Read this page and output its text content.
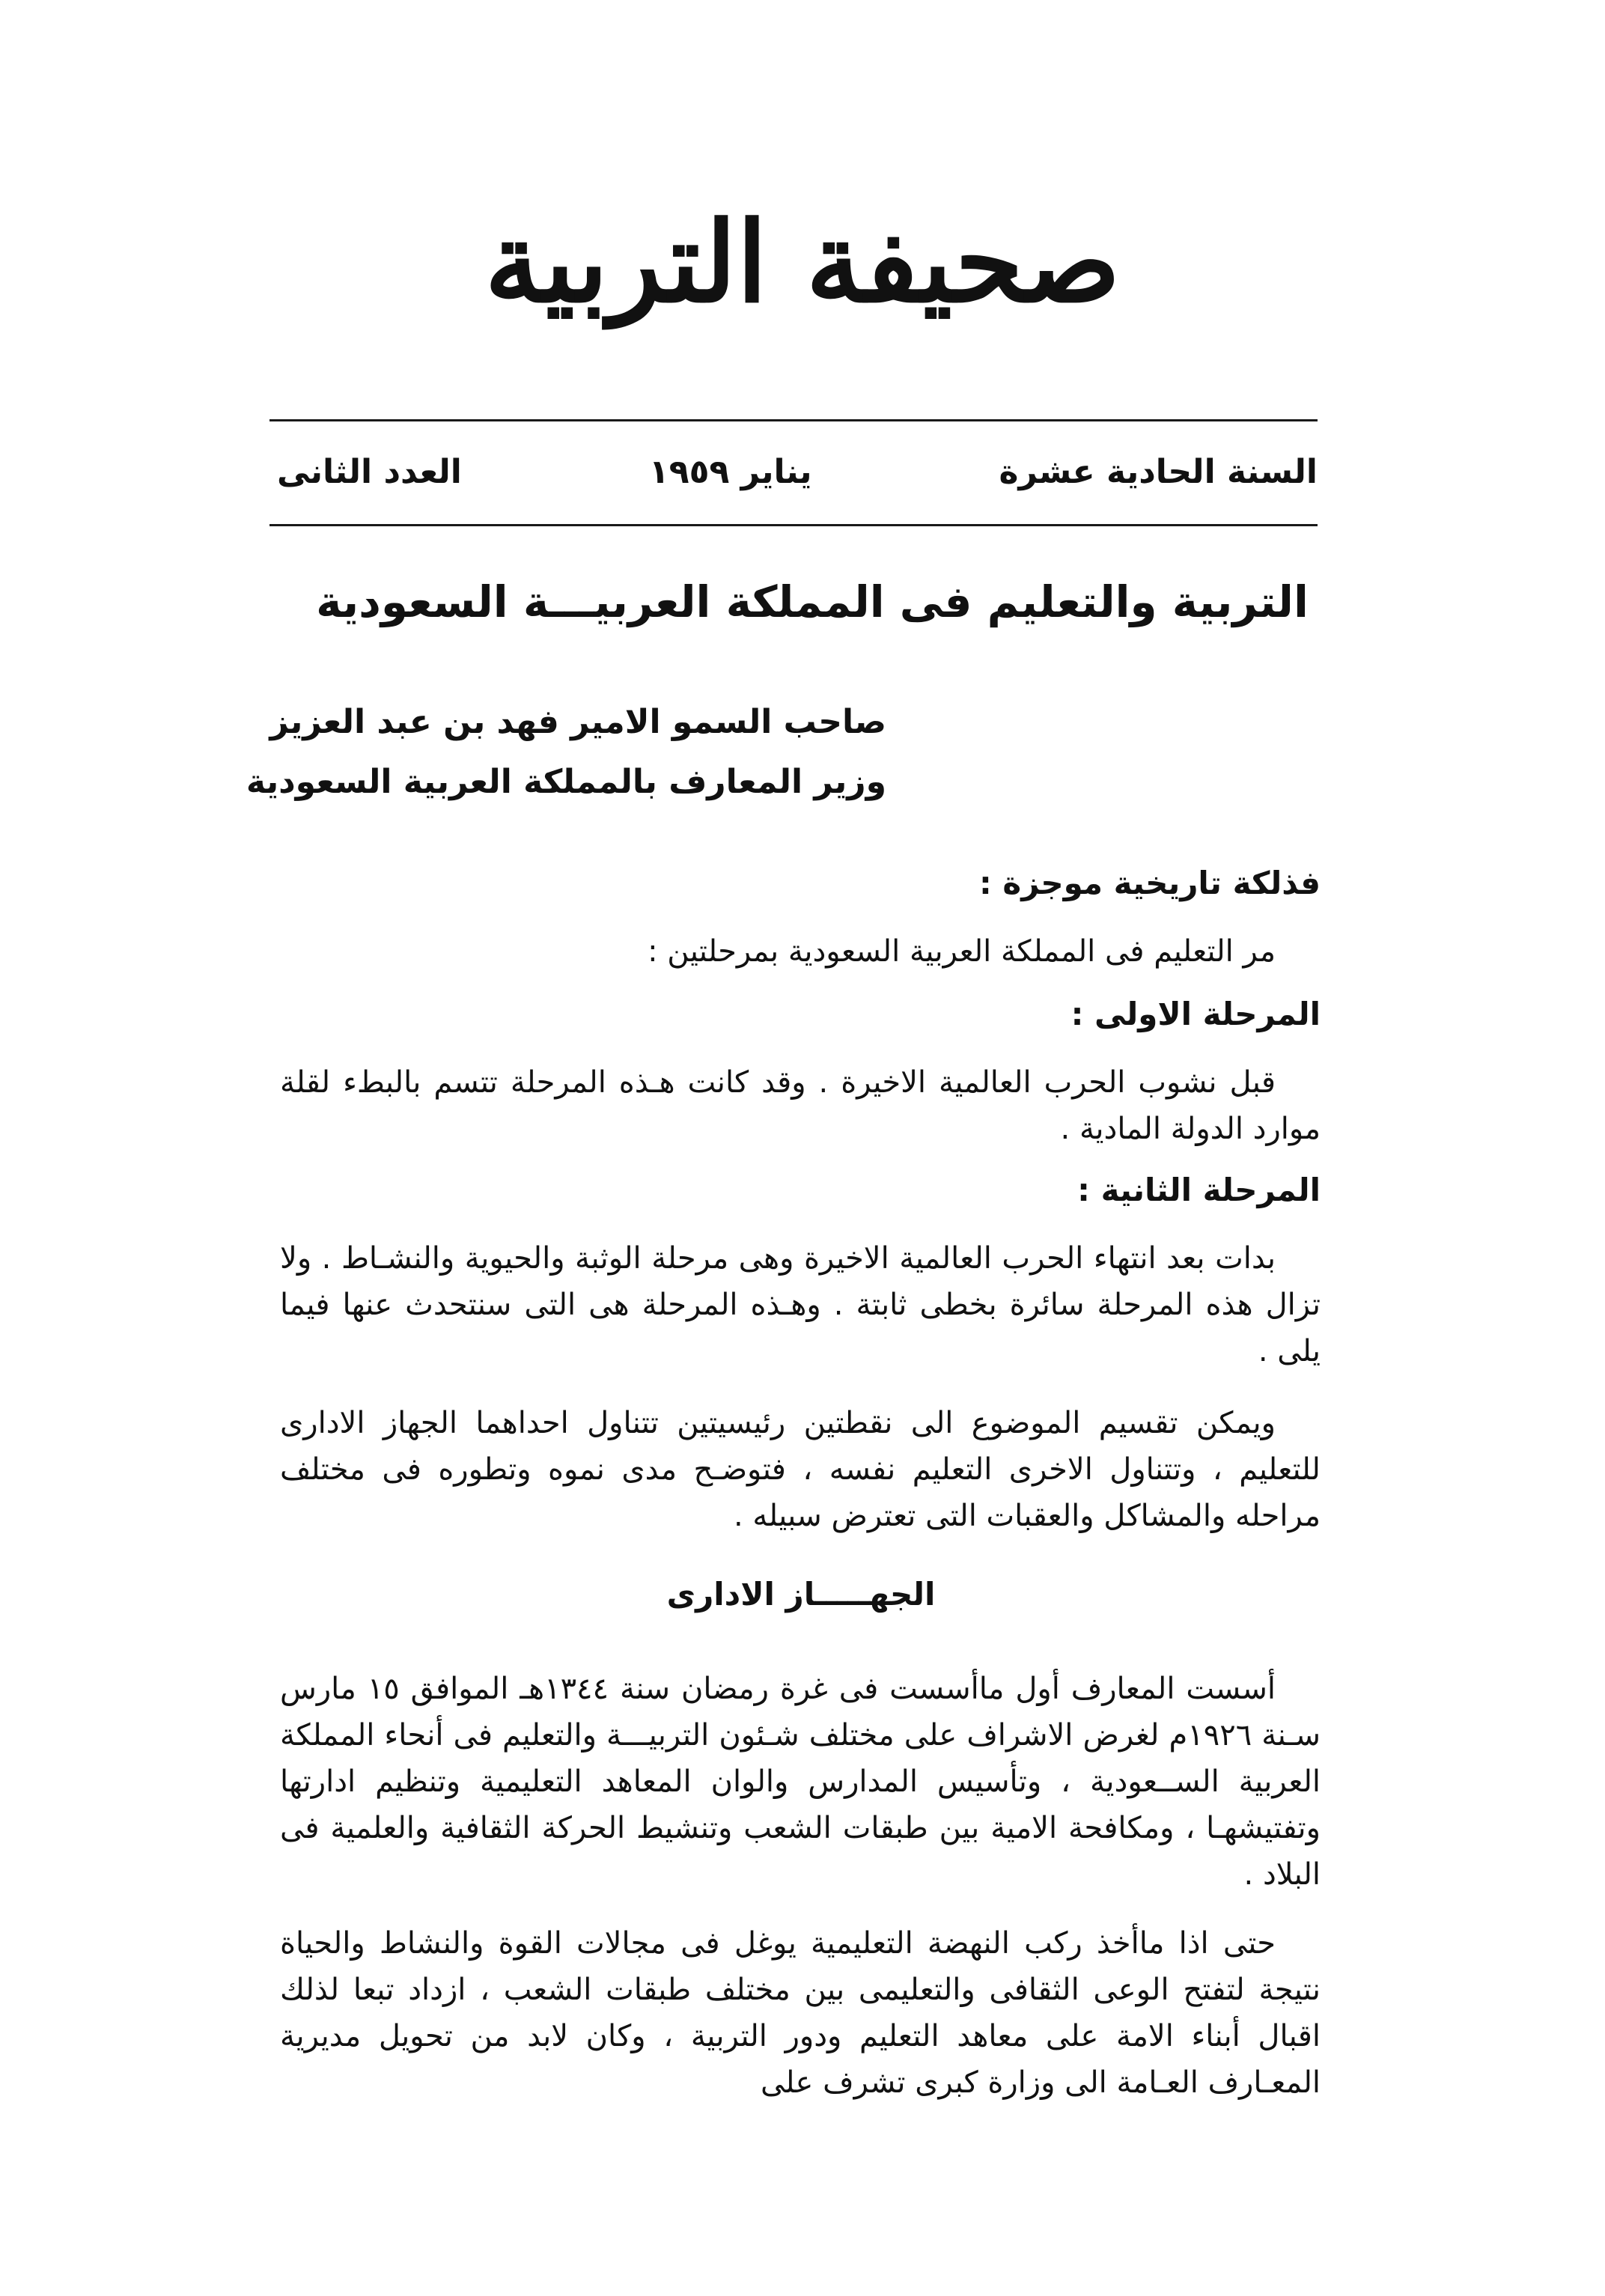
صحيفة التربية
السنة الحادية عشرة
يناير ١٩٥٩
العدد الثانى
التربية والتعليم فى المملكة العربيـــة السعودية
صاحب السمو الامير فهد بن عبد العزيز
وزير المعارف بالمملكة العربية السعودية
فذلكة تاريخية موجزة :
مر التعليم فى المملكة العربية السعودية بمرحلتين :
المرحلة الاولى :
قبل نشوب الحرب العالمية الاخيرة . وقد كانت هـذه المرحلة تتسم بالبطء لقلة موارد الدولة المادية .
المرحلة الثانية :
بدات بعد انتهاء الحرب العالمية الاخيرة وهى مرحلة الوثبة والحيوية والنشـاط . ولا تزال هذه المرحلة سائرة بخطى ثابتة . وهـذه المرحلة هى التى سنتحدث عنها فيما يلى .
ويمكن تقسيم الموضوع الى نقطتين رئيسيتين تتناول احداهما الجهاز الادارى للتعليم ، وتتناول الاخرى التعليم نفسه ، فتوضـح مدى نموه وتطوره فى مختلف مراحله والمشاكل والعقبات التى تعترض سبيله .
الجهـــــاز الادارى
أسست المعارف أول ماأسست فى غرة رمضان سنة ١٣٤٤هـ الموافق ١٥ مارس سـنة ١٩٢٦م لغرض الاشراف على مختلف شـئون التربيـــة والتعليم فى أنحاء المملكة العربية الســعودية ، وتأسيس المدارس والوان المعاهد التعليمية وتنظيم ادارتها وتفتيشهـا ، ومكافحة الامية بين طبقات الشعب وتنشيط الحركة الثقافية والعلمية فى البلاد .
حتى اذا ماأخذ ركب النهضة التعليمية يوغل فى مجالات القوة والنشاط والحياة نتيجة لتفتح الوعى الثقافى والتعليمى بين مختلف طبقات الشعب ، ازداد تبعا لذلك اقبال أبناء الامة على معاهد التعليم ودور التربية ، وكان لابد من تحويل مديرية المعـارف العـامة الى وزارة كبرى تشرف على
